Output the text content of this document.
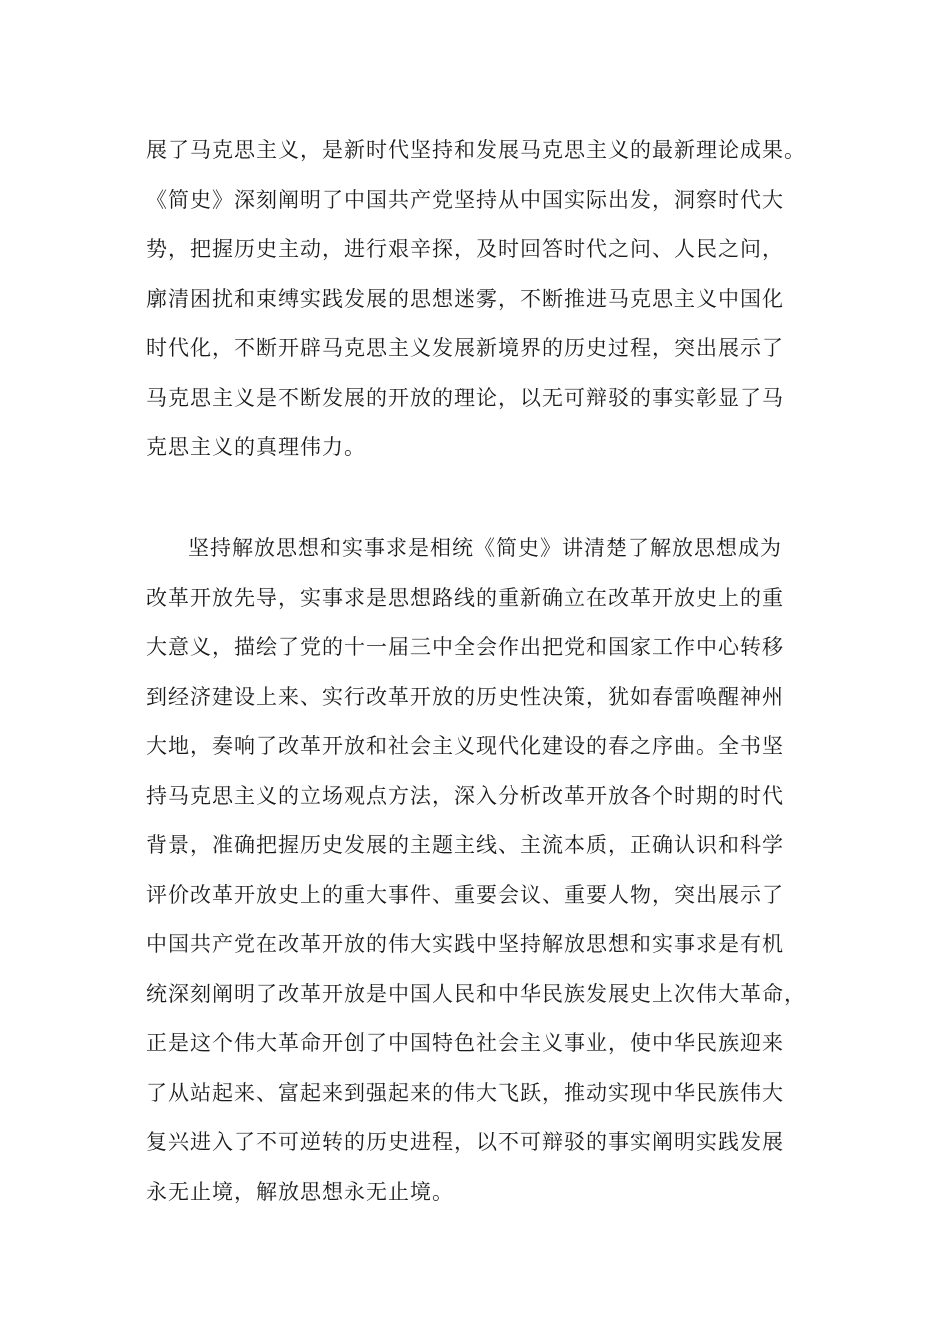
展了马克思主义，是新时代坚持和发展马克思主义的最新理论成果。
《简史》深刻阐明了中国共产党坚持从中国实际出发，洞察时代大
势，把握历史主动，进行艰辛探，及时回答时代之问、人民之问，
廓清困扰和束缚实践发展的思想迷雾，不断推进马克思主义中国化
时代化，不断开辟马克思主义发展新境界的历史过程，突出展示了
马克思主义是不断发展的开放的理论，以无可辩驳的事实彰显了马
克思主义的真理伟力。
坚持解放思想和实事求是相统《简史》讲清楚了解放思想成为
改革开放先导，实事求是思想路线的重新确立在改革开放史上的重
大意义，描绘了党的十一届三中全会作出把党和国家工作中心转移
到经济建设上来、实行改革开放的历史性决策，犹如春雷唤醒神州
大地，奏响了改革开放和社会主义现代化建设的春之序曲。全书坚
持马克思主义的立场观点方法，深入分析改革开放各个时期的时代
背景，准确把握历史发展的主题主线、主流本质，正确认识和科学
评价改革开放史上的重大事件、重要会议、重要人物，突出展示了
中国共产党在改革开放的伟大实践中坚持解放思想和实事求是有机
统深刻阐明了改革开放是中国人民和中华民族发展史上次伟大革命，
正是这个伟大革命开创了中国特色社会主义事业，使中华民族迎来
了从站起来、富起来到强起来的伟大飞跃，推动实现中华民族伟大
复兴进入了不可逆转的历史进程，以不可辩驳的事实阐明实践发展
永无止境，解放思想永无止境。
